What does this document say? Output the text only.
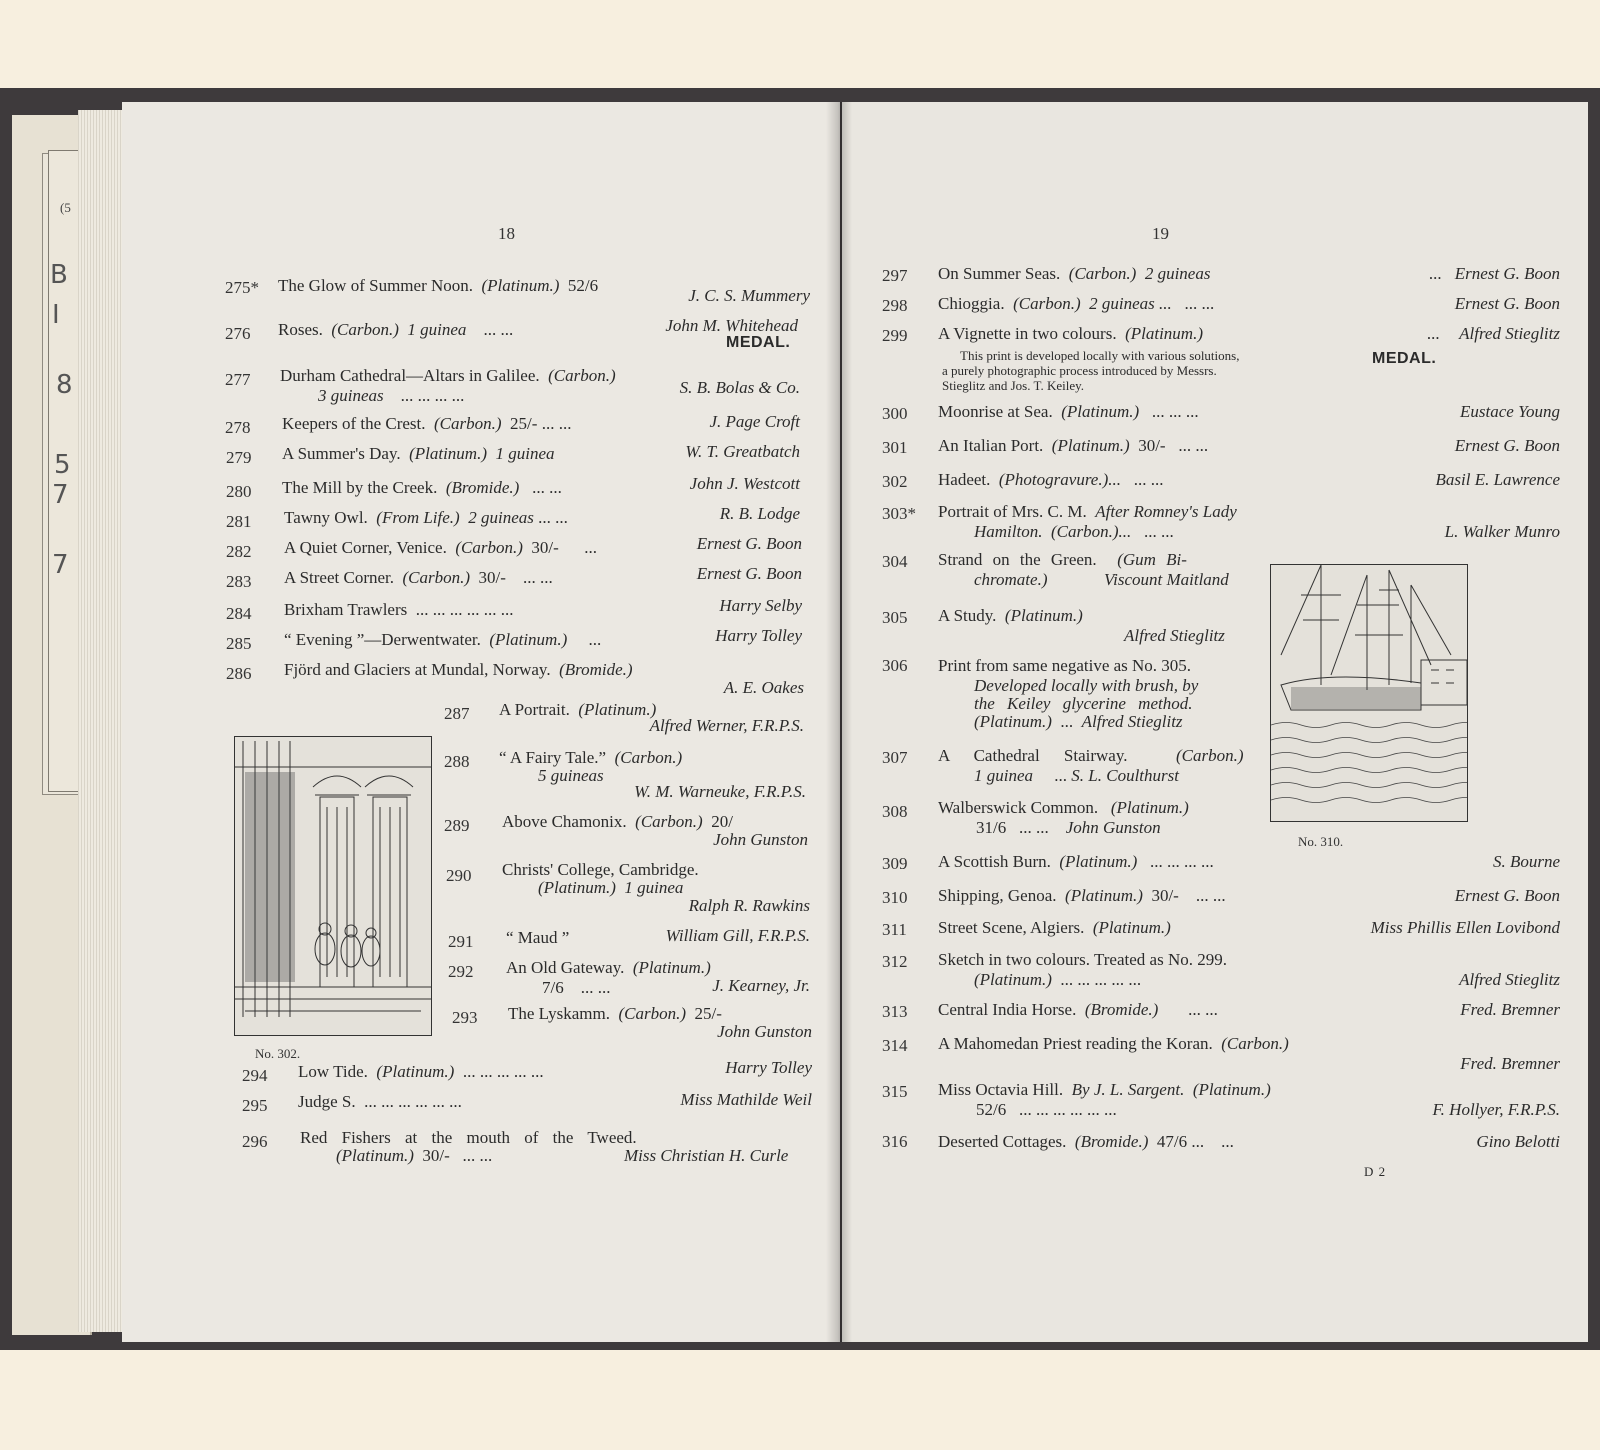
(5
B
I
8
5
7
7
18
275* The Glow of Summer Noon. (Platinum.) 52/6
J. C. S. Mummery
276 Roses. (Carbon.) 1 guinea ... ...	John M. Whitehead
MEDAL.
277 Durham Cathedral—Altars in Galilee. (Carbon.)
3 guineas ... ... ... ...	S. B. Bolas & Co.
278 Keepers of the Crest. (Carbon.) 25/- ... ...	J. Page Croft
279 A Summer's Day. (Platinum.) 1 guinea	W. T. Greatbatch
280 The Mill by the Creek. (Bromide.) ... ...	John J. Westcott
281 Tawny Owl. (From Life.) 2 guineas ... ...	R. B. Lodge
282 A Quiet Corner, Venice. (Carbon.) 30/- ...	Ernest G. Boon
283 A Street Corner. (Carbon.) 30/- ... ...	Ernest G. Boon
284 Brixham Trawlers ... ... ... ... ... ...	Harry Selby
285 “ Evening ”—Derwentwater. (Platinum.) ...	Harry Tolley
286 Fjörd and Glaciers at Mundal, Norway. (Bromide.)
A. E. Oakes
No. 302.
287 A Portrait. (Platinum.)
Alfred Werner, F.R.P.S.
288 “ A Fairy Tale.” (Carbon.)
5 guineas
W. M. Warneuke, F.R.P.S.
289 Above Chamonix. (Carbon.) 20/
John Gunston
290 Christs' College, Cambridge.
(Platinum.) 1 guinea
Ralph R. Rawkins
291 “ Maud ”	William Gill, F.R.P.S.
292 An Old Gateway. (Platinum.)
7/6 ... ...	J. Kearney, Jr.
293 The Lyskamm. (Carbon.) 25/-
John Gunston
294 Low Tide. (Platinum.) ... ... ... ... ...	Harry Tolley
295 Judge S. ... ... ... ... ... ...	Miss Mathilde Weil
296 Red Fishers at the mouth of the Tweed.
(Platinum.) 30/- ... ...	Miss Christian H. Curle
19
297 On Summer Seas. (Carbon.) 2 guineas	... Ernest G. Boon
298 Chioggia. (Carbon.) 2 guineas ... ... ...	Ernest G. Boon
299 A Vignette in two colours. (Platinum.)	... Alfred Stieglitz
This print is developed locally with various solutions,
a purely photographic process introduced by Messrs.
Stieglitz and Jos. T. Keiley.
MEDAL.
300 Moonrise at Sea. (Platinum.) ... ... ...	Eustace Young
301 An Italian Port. (Platinum.) 30/- ... ...	Ernest G. Boon
302 Hadeet. (Photogravure.)... ... ...	Basil E. Lawrence
303* Portrait of Mrs. C. M. After Romney's Lady
Hamilton. (Carbon.)... ... ...	L. Walker Munro
No. 310.
304 Strand on the Green. (Gum Bi-
chromate.)	Viscount Maitland
305 A Study. (Platinum.)
Alfred Stieglitz
306 Print from same negative as No. 305.
Developed locally with brush, by
the Keiley glycerine method.
(Platinum.) ... Alfred Stieglitz
307 A Cathedral Stairway.	(Carbon.)
1 guinea ... S. L. Coulthurst
308 Walberswick Common. (Platinum.)
31/6 ... ... John Gunston
309 A Scottish Burn. (Platinum.) ... ... ... ...	S. Bourne
310 Shipping, Genoa. (Platinum.) 30/- ... ...	Ernest G. Boon
311 Street Scene, Algiers. (Platinum.)	Miss Phillis Ellen Lovibond
312 Sketch in two colours. Treated as No. 299.
(Platinum.) ... ... ... ... ...	Alfred Stieglitz
313 Central India Horse. (Bromide.) ... ...	Fred. Bremner
314 A Mahomedan Priest reading the Koran. (Carbon.)
Fred. Bremner
315 Miss Octavia Hill. By J. L. Sargent. (Platinum.)
52/6 ... ... ... ... ... ...	F. Hollyer, F.R.P.S.
316 Deserted Cottages. (Bromide.) 47/6 ... ...	Gino Belotti
D 2
